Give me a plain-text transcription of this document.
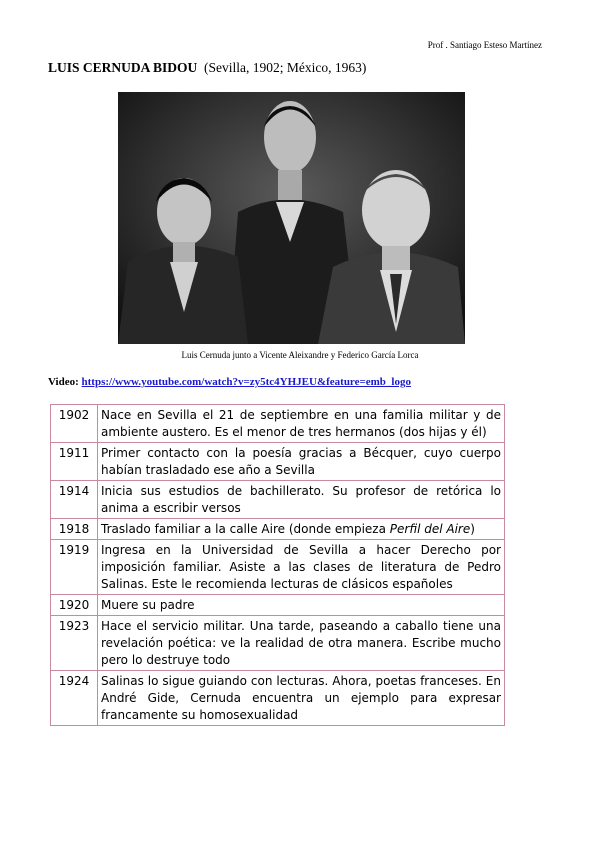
Prof . Santiago Esteso Martínez
LUIS CERNUDA BIDOU (Sevilla, 1902; México, 1963)
Luis Cernuda junto a Vicente Aleixandre y Federico García Lorca
Video: https://www.youtube.com/watch?v=zy5tc4YHJEU&feature=emb_logo
1902	Nace en Sevilla el 21 de septiembre en una familia militar y de ambiente austero. Es el menor de tres hermanos (dos hijas y él)
1911	Primer contacto con la poesía gracias a Bécquer, cuyo cuerpo habían trasladado ese año a Sevilla
1914	Inicia sus estudios de bachillerato. Su profesor de retórica lo anima a escribir versos
1918	Traslado familiar a la calle Aire (donde empieza Perfil del Aire)
1919	Ingresa en la Universidad de Sevilla a hacer Derecho por imposición familiar. Asiste a las clases de literatura de Pedro Salinas. Este le recomienda lecturas de clásicos españoles
1920	Muere su padre
1923	Hace el servicio militar. Una tarde, paseando a caballo tiene una revelación poética: ve la realidad de otra manera. Escribe mucho pero lo destruye todo
1924	Salinas lo sigue guiando con lecturas. Ahora, poetas franceses. En André Gide, Cernuda encuentra un ejemplo para expresar francamente su homosexualidad
